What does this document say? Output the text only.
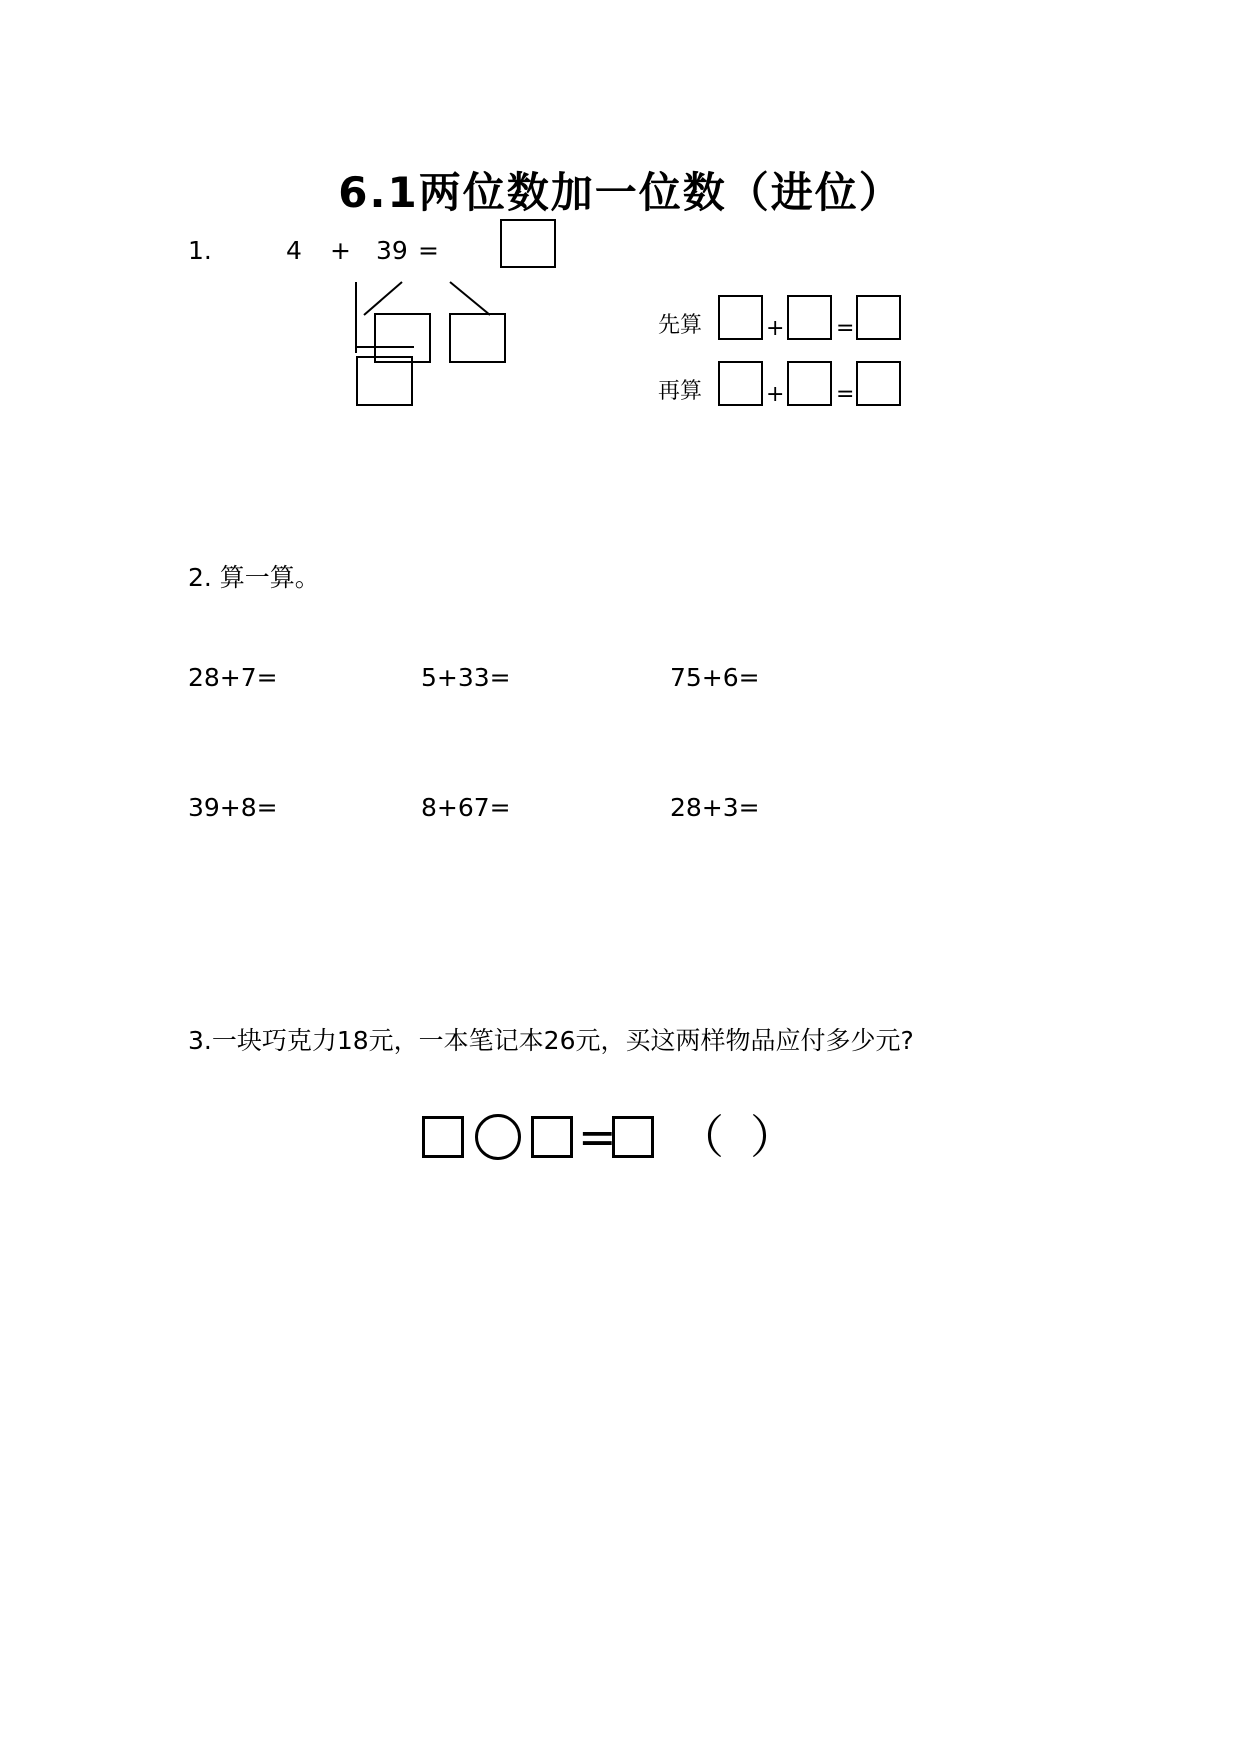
6.1两位数加一位数（进位）
1.	4 + 39 =
先算	+ =
再算	+ =
2. 算一算。
28+7=	5+33=	75+6=
39+8=	8+67=	28+3=
3.一块巧克力18元，一本笔记本26元，买这两样物品应付多少元?
= （ ）
